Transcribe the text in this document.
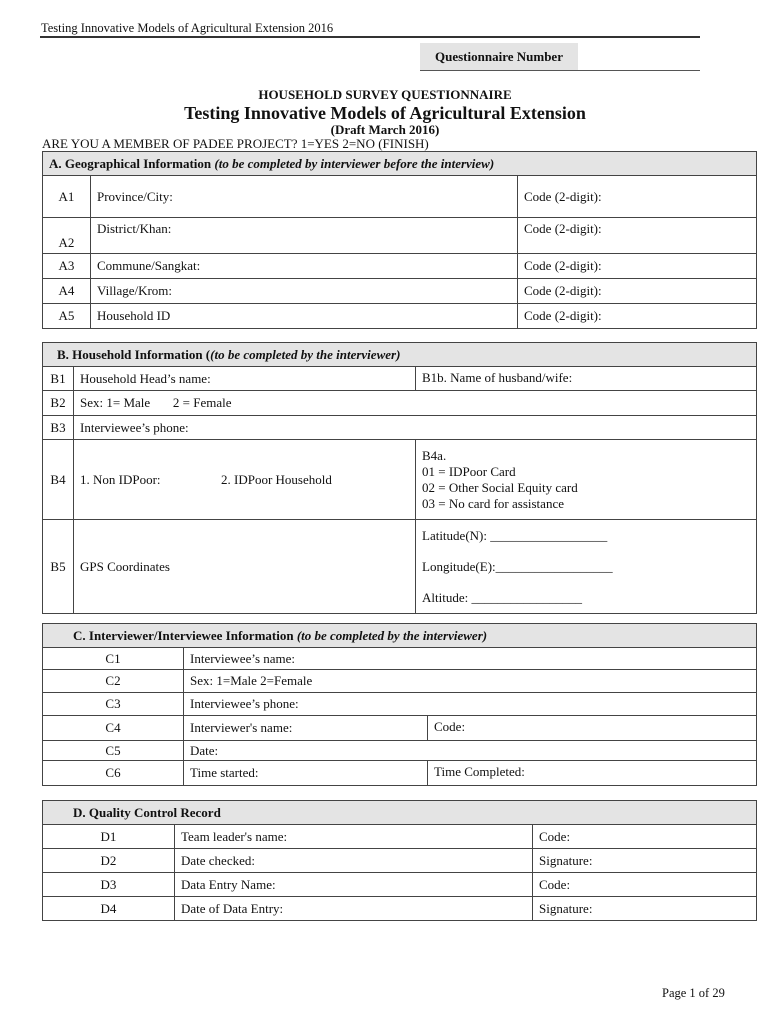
Testing Innovative Models of Agricultural Extension 2016
Questionnaire Number
HOUSEHOLD SURVEY QUESTIONNAIRE
Testing Innovative Models of Agricultural Extension
(Draft March 2016)
ARE YOU A MEMBER OF PADEE PROJECT? 1=YES 2=NO (FINISH)
A. Geographical Information (to be completed by interviewer before the interview)		
A1	Province/City:	Code (2-digit):
A2	District/Khan:	Code (2-digit):
A3	Commune/Sangkat:	Code (2-digit):
A4	Village/Krom:	Code (2-digit):
A5	Household ID	Code (2-digit):
B. Household Information ((to be completed by the interviewer)		
B1	Household Head’s name:	B1b. Name of husband/wife:
B2	Sex: 1= Male 2 = Female	
B3	Interviewee’s phone:	
B4	1. Non IDPoor: 2. IDPoor Household	B4a.
01 = IDPoor Card
02 = Other Social Equity card
03 = No card for assistance

B5	GPS Coordinates	Latitude(N): __________________
Longitude(E):__________________
Altitude: _________________
C. Interviewer/Interviewee Information (to be completed by the interviewer)		
C1	Interviewee’s name:	
C2	Sex: 1=Male 2=Female	
C3	Interviewee’s phone:	
C4	Interviewer's name:	Code:
C5	Date:	
C6	Time started:	Time Completed:
D. Quality Control Record		
D1	Team leader's name:	Code:
D2	Date checked:	Signature:
D3	Data Entry Name:	Code:
D4	Date of Data Entry:	Signature:
Page 1 of 29
